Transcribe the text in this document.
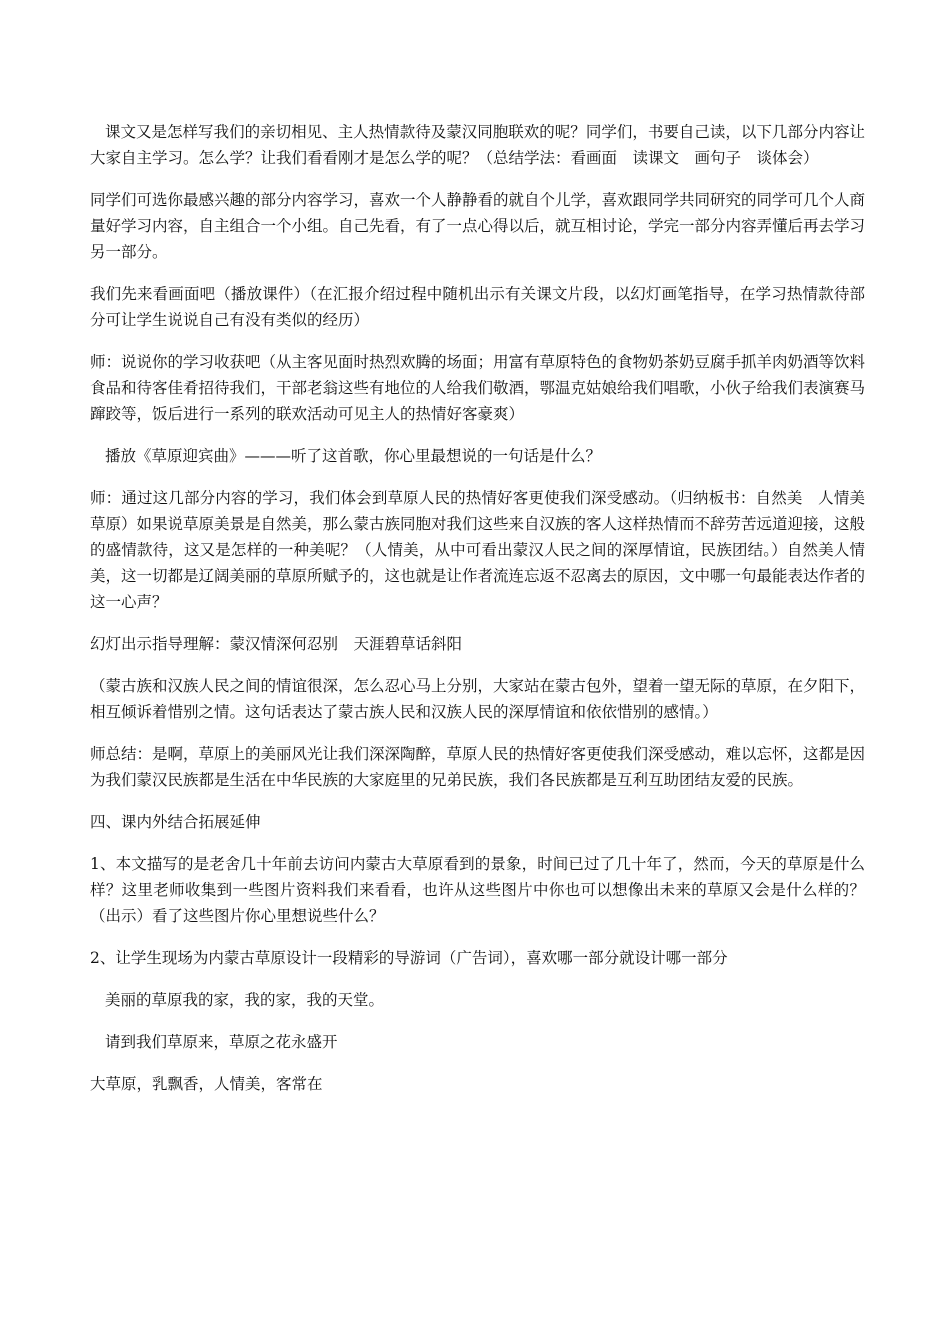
课文又是怎样写我们的亲切相见、主人热情款待及蒙汉同胞联欢的呢？同学们，书要自己读，以下几部分内容让大家自主学习。怎么学？让我们看看刚才是怎么学的呢？（总结学法：看画面　读课文　画句子　谈体会）

同学们可选你最感兴趣的部分内容学习，喜欢一个人静静看的就自个儿学，喜欢跟同学共同研究的同学可几个人商量好学习内容，自主组合一个小组。自己先看，有了一点心得以后，就互相讨论，学完一部分内容弄懂后再去学习另一部分。

我们先来看画面吧（播放课件）（在汇报介绍过程中随机出示有关课文片段，以幻灯画笔指导，在学习热情款待部分可让学生说说自己有没有类似的经历）

师：说说你的学习收获吧（从主客见面时热烈欢腾的场面；用富有草原特色的食物奶茶奶豆腐手抓羊肉奶酒等饮料食品和待客佳肴招待我们，干部老翁这些有地位的人给我们敬酒，鄂温克姑娘给我们唱歌，小伙子给我们表演赛马蹿跤等，饭后进行一系列的联欢活动可见主人的热情好客豪爽）

播放《草原迎宾曲》———听了这首歌，你心里最想说的一句话是什么？

师：通过这几部分内容的学习，我们体会到草原人民的热情好客更使我们深受感动。（归纳板书：自然美　人情美　草原）如果说草原美景是自然美，那么蒙古族同胞对我们这些来自汉族的客人这样热情而不辞劳苦远道迎接，这般的盛情款待，这又是怎样的一种美呢？（人情美，从中可看出蒙汉人民之间的深厚情谊，民族团结。）自然美人情美，这一切都是辽阔美丽的草原所赋予的，这也就是让作者流连忘返不忍离去的原因，文中哪一句最能表达作者的这一心声？

幻灯出示指导理解：蒙汉情深何忍别　天涯碧草话斜阳

（蒙古族和汉族人民之间的情谊很深，怎么忍心马上分别，大家站在蒙古包外，望着一望无际的草原，在夕阳下，相互倾诉着惜别之情。这句话表达了蒙古族人民和汉族人民的深厚情谊和依依惜别的感情。）

师总结：是啊，草原上的美丽风光让我们深深陶醉，草原人民的热情好客更使我们深受感动，难以忘怀，这都是因为我们蒙汉民族都是生活在中华民族的大家庭里的兄弟民族，我们各民族都是互利互助团结友爱的民族。

四、课内外结合拓展延伸

1、本文描写的是老舍几十年前去访问内蒙古大草原看到的景象，时间已过了几十年了，然而，今天的草原是什么样？这里老师收集到一些图片资料我们来看看，也许从这些图片中你也可以想像出未来的草原又会是什么样的？（出示）看了这些图片你心里想说些什么？

2、让学生现场为内蒙古草原设计一段精彩的导游词（广告词），喜欢哪一部分就设计哪一部分

美丽的草原我的家，我的家，我的天堂。

请到我们草原来，草原之花永盛开

大草原，乳飘香，人情美，客常在
